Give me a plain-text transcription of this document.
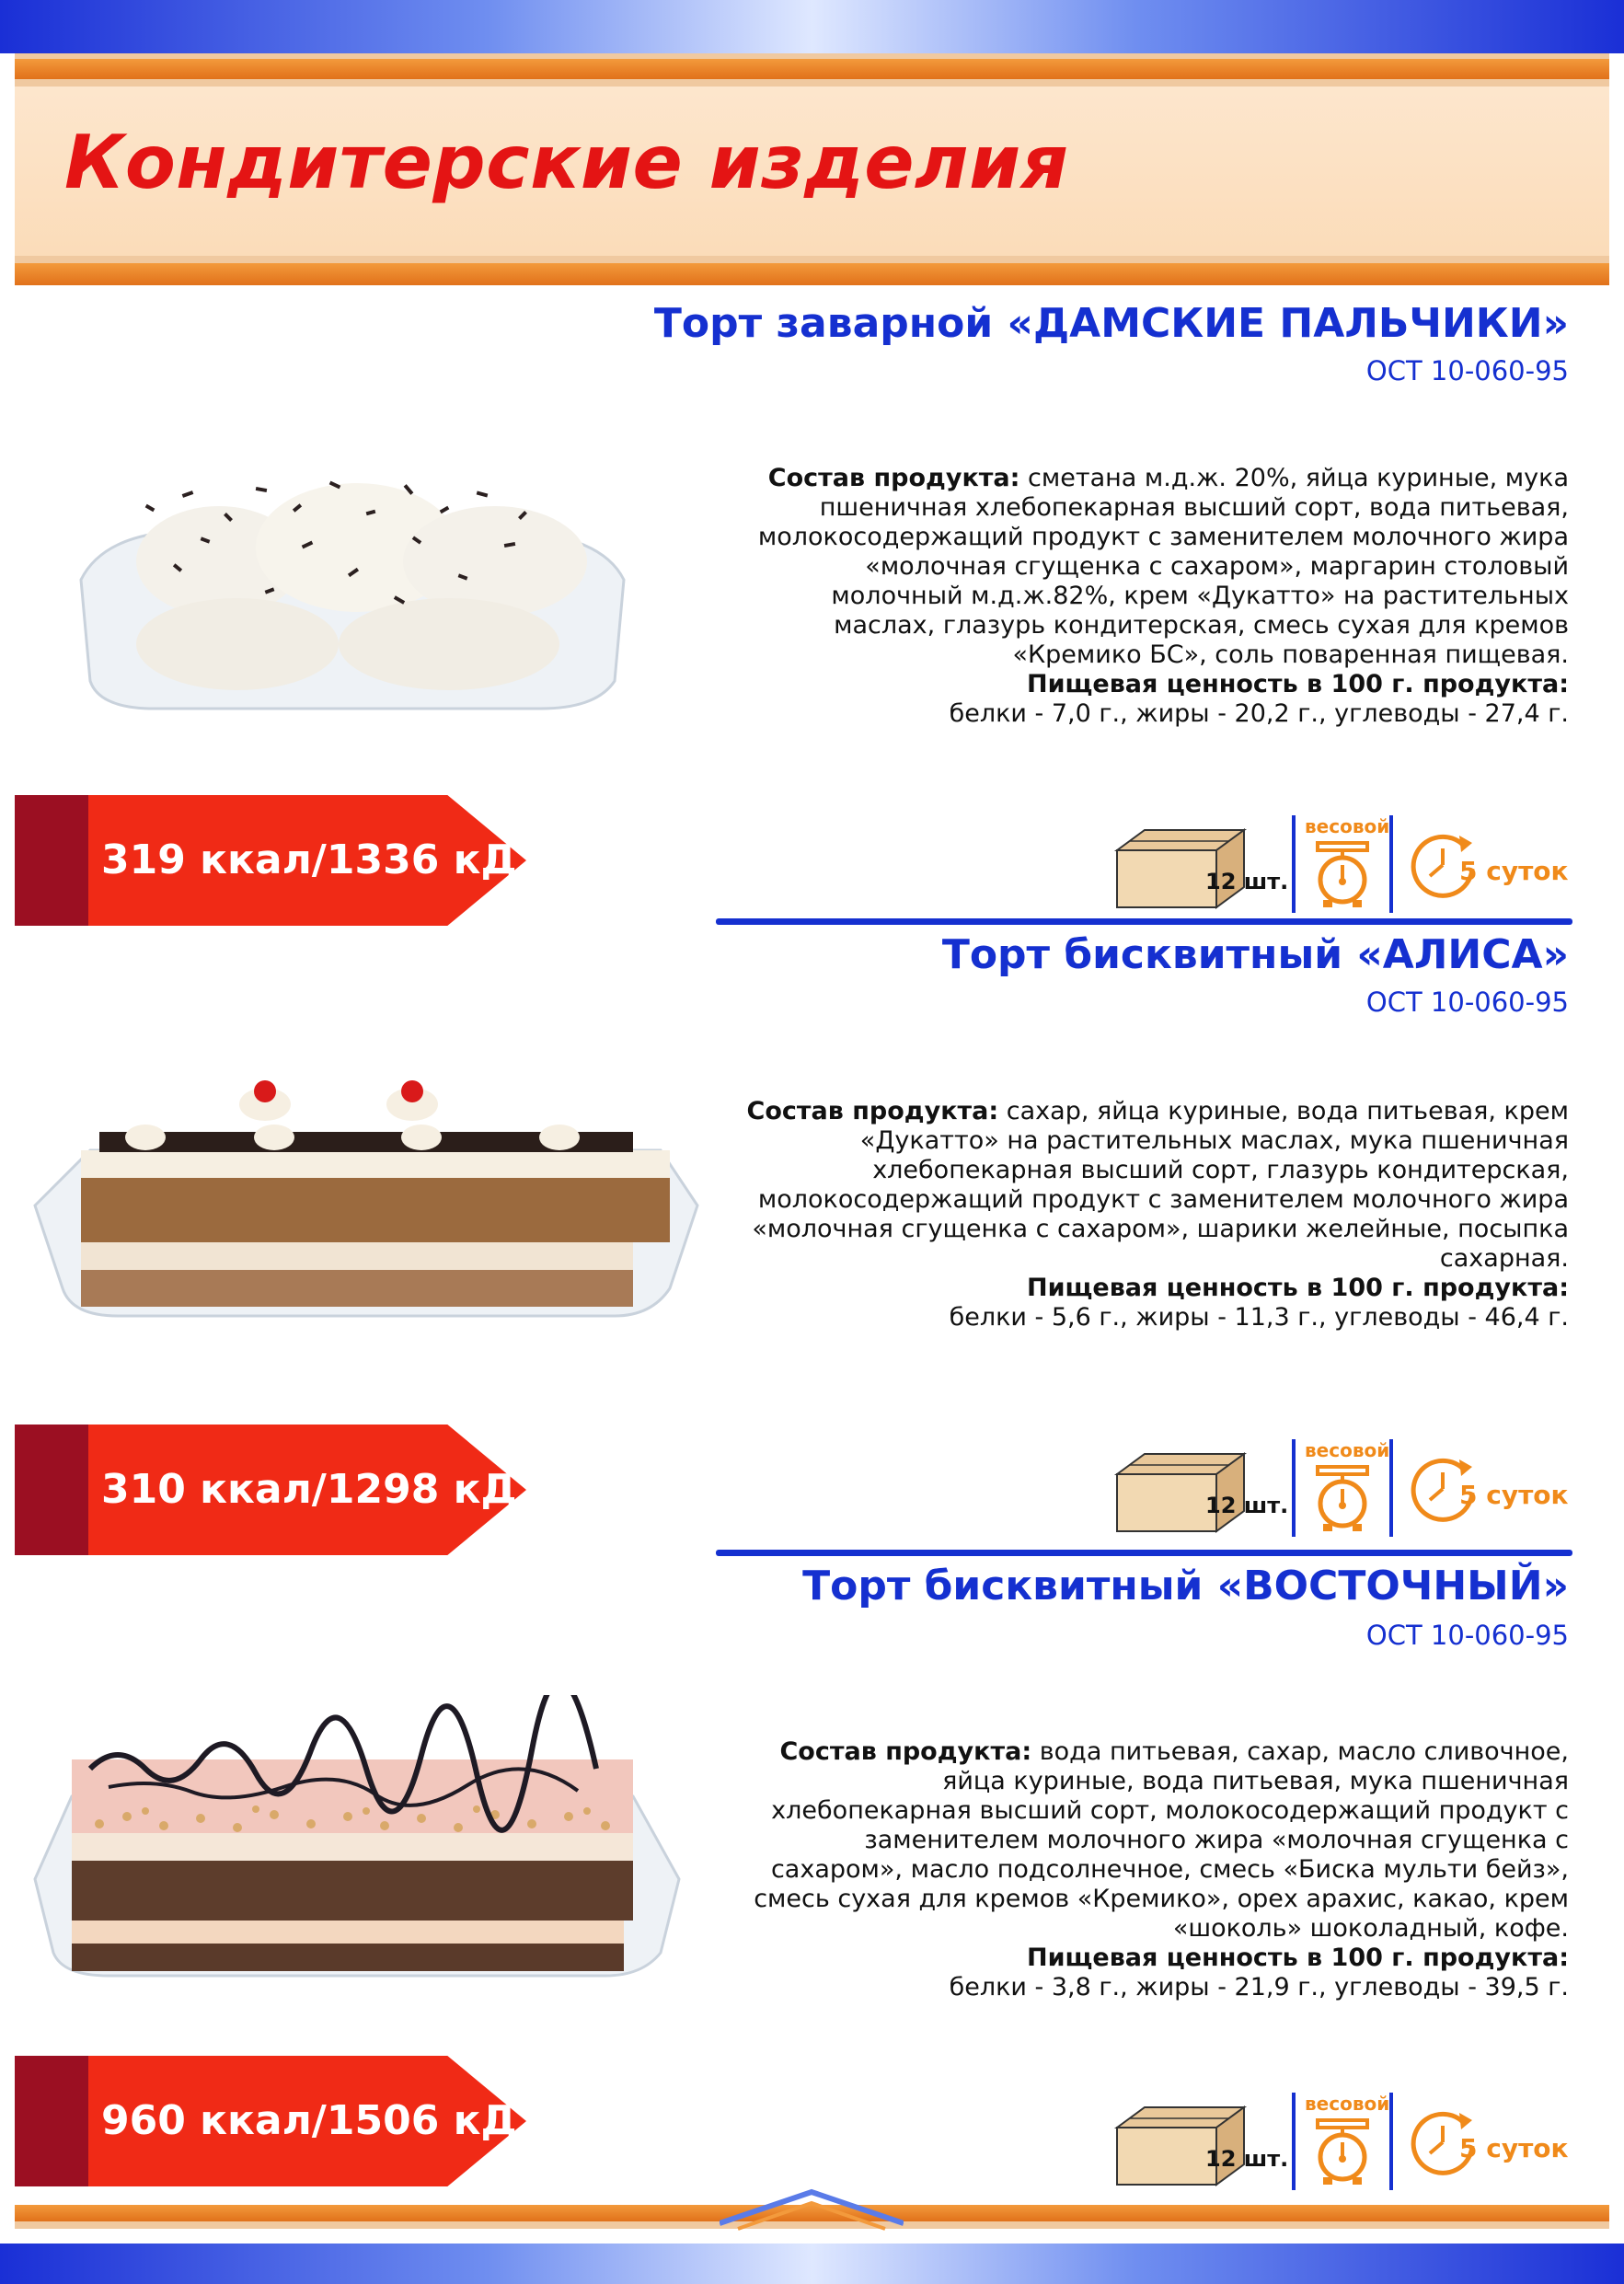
Кондитерские изделия
Торт заварной «ДАМСКИЕ ПАЛЬЧИКИ»
ОСТ 10-060-95
Состав продукта: сметана м.д.ж. 20%, яйца куриные, мука пшеничная хлебопекарная высший сорт, вода питьевая, молокосодержащий продукт с заменителем молочного жира «молочная сгущенка с сахаром», маргарин столовый молочный м.д.ж.82%, крем «Дукатто» на растительных маслах, глазурь кондитерская, смесь сухая для кремов «Кремико БС», соль поваренная пищевая.
Пищевая ценность в 100 г. продукта:
белки - 7,0 г., жиры - 20,2 г., углеводы - 27,4 г.
319 ккал/1336 кДж	12 шт.
весовой
5 суток
Торт бисквитный «АЛИСА»
ОСТ 10-060-95
Состав продукта: сахар, яйца куриные, вода питьевая, крем «Дукатто» на растительных маслах, мука пшеничная хлебопекарная высший сорт, глазурь кондитерская, молокосодержащий продукт с заменителем молочного жира «молочная сгущенка с сахаром», шарики желейные, посыпка сахарная.
Пищевая ценность в 100 г. продукта:
белки - 5,6 г., жиры - 11,3 г., углеводы - 46,4 г.
310 ккал/1298 кДж	12 шт.
весовой
5 суток
Торт бисквитный «ВОСТОЧНЫЙ»
ОСТ 10-060-95
Состав продукта: вода питьевая, сахар, масло сливочное, яйца куриные, вода питьевая, мука пшеничная хлебопекарная высший сорт, молокосодержащий продукт с заменителем молочного жира «молочная сгущенка с сахаром», масло подсолнечное, смесь «Биска мульти бейз», смесь сухая для кремов «Кремико», орех арахис, какао, крем «шоколь» шоколадный, кофе.
Пищевая ценность в 100 г. продукта:
белки - 3,8 г., жиры - 21,9 г., углеводы - 39,5 г.
960 ккал/1506 кДж
12 шт.
весовой
5 суток
